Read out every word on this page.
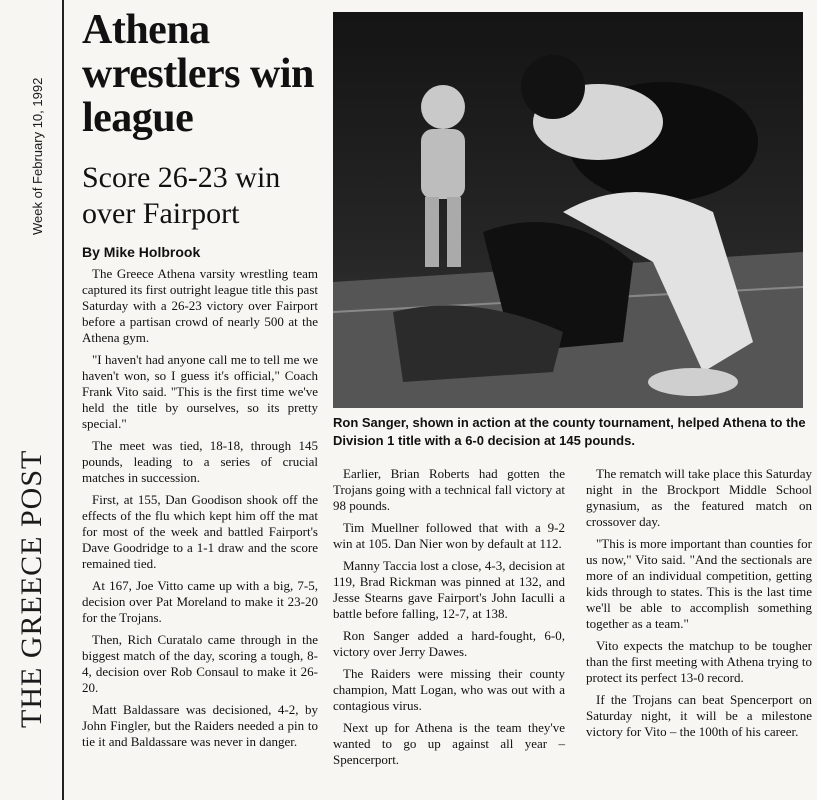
Week of February 10, 1992
THE GREECE POST
Athena wrestlers win league
Score 26-23 win over Fairport
By Mike Holbrook
Ron Sanger, shown in action at the county tournament, helped Athena to the Division 1 title with a 6-0 decision at 145 pounds.

The Greece Athena varsity wrestling team captured its first outright league title this past Saturday with a 26-23 victory over Fairport before a partisan crowd of nearly 500 at the Athena gym.

"I haven't had anyone call me to tell me we haven't won, so I guess it's official," Coach Frank Vito said. "This is the first time we've held the title by ourselves, so its pretty special."

The meet was tied, 18-18, through 145 pounds, leading to a series of crucial matches in succession.

First, at 155, Dan Goodison shook off the effects of the flu which kept him off the mat for most of the week and battled Fairport's Dave Goodridge to a 1-1 draw and the score remained tied.

At 167, Joe Vitto came up with a big, 7-5, decision over Pat Moreland to make it 23-20 for the Trojans.

Then, Rich Curatalo came through in the biggest match of the day, scoring a tough, 8-4, decision over Rob Consaul to make it 26-20.

Matt Baldassare was decisioned, 4-2, by John Fingler, but the Raiders needed a pin to tie it and Baldassare was never in danger.

Earlier, Brian Roberts had gotten the Trojans going with a technical fall victory at 98 pounds.

Tim Muellner followed that with a 9-2 win at 105. Dan Nier won by default at 112.

Manny Taccia lost a close, 4-3, decision at 119, Brad Rickman was pinned at 132, and Jesse Stearns gave Fairport's John Iaculli a battle before falling, 12-7, at 138.

Ron Sanger added a hard-fought, 6-0, victory over Jerry Dawes.

The Raiders were missing their county champion, Matt Logan, who was out with a contagious virus.

Next up for Athena is the team they've wanted to go up against all year – Spencerport.

The rematch will take place this Saturday night in the Brockport Middle School gynasium, as the featured match on crossover day.

"This is more important than counties for us now," Vito said. "And the sectionals are more of an individual competition, getting kids through to states. This is the last time we'll be able to accomplish something together as a team."

Vito expects the matchup to be tougher than the first meeting with Athena trying to protect its perfect 13-0 record.

If the Trojans can beat Spencerport on Saturday night, it will be a milestone victory for Vito – the 100th of his career.
